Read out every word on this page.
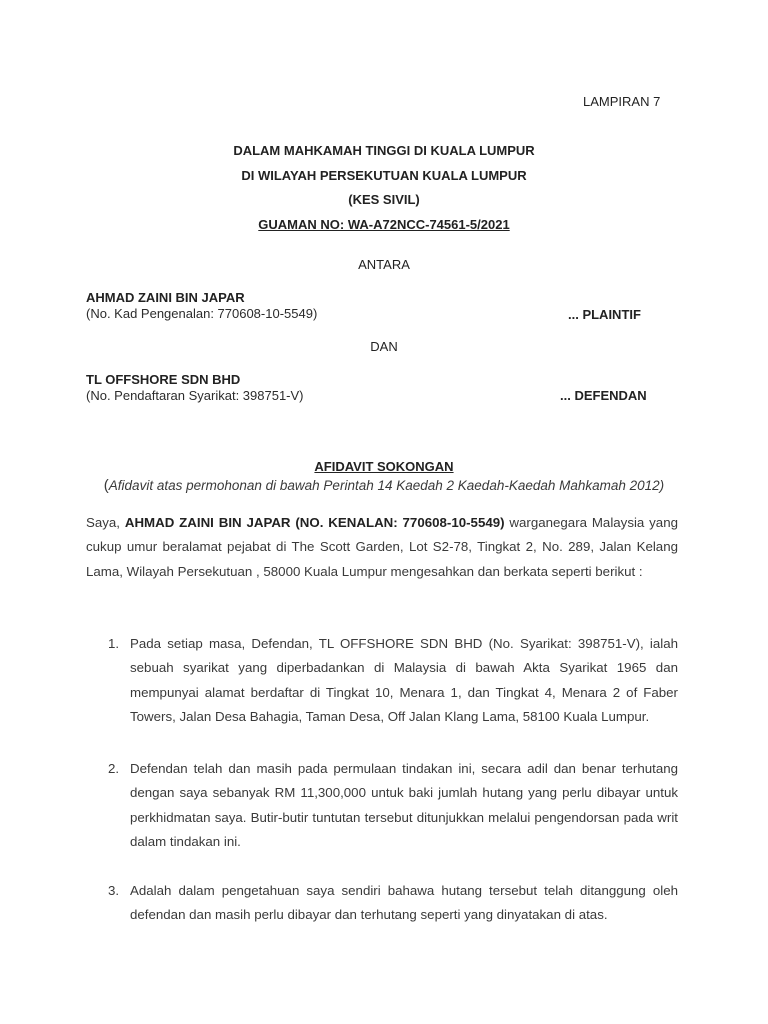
LAMPIRAN 7
DALAM MAHKAMAH TINGGI DI KUALA LUMPUR
DI WILAYAH PERSEKUTUAN KUALA LUMPUR
(KES SIVIL)
GUAMAN NO: WA-A72NCC-74561-5/2021
ANTARA
AHMAD ZAINI BIN JAPAR
(No. Kad Pengenalan: 770608-10-5549)	... PLAINTIF
DAN
TL OFFSHORE SDN BHD
(No. Pendaftaran Syarikat: 398751-V)	... DEFENDAN
AFIDAVIT SOKONGAN
(Afidavit atas permohonan di bawah Perintah 14 Kaedah 2 Kaedah-Kaedah Mahkamah 2012)
Saya, AHMAD ZAINI BIN JAPAR (NO. KENALAN: 770608-10-5549) warganegara Malaysia yang cukup umur beralamat pejabat di The Scott Garden, Lot S2-78, Tingkat 2, No. 289, Jalan Kelang Lama, Wilayah Persekutuan , 58000 Kuala Lumpur mengesahkan dan berkata seperti berikut :
1. Pada setiap masa, Defendan, TL OFFSHORE SDN BHD (No. Syarikat: 398751-V), ialah sebuah syarikat yang diperbadankan di Malaysia di bawah Akta Syarikat 1965 dan mempunyai alamat berdaftar di Tingkat 10, Menara 1, dan Tingkat 4, Menara 2 of Faber Towers, Jalan Desa Bahagia, Taman Desa, Off Jalan Klang Lama, 58100 Kuala Lumpur.
2. Defendan telah dan masih pada permulaan tindakan ini, secara adil dan benar terhutang dengan saya sebanyak RM 11,300,000 untuk baki jumlah hutang yang perlu dibayar untuk perkhidmatan saya. Butir-butir tuntutan tersebut ditunjukkan melalui pengendorsan pada writ dalam tindakan ini.
3. Adalah dalam pengetahuan saya sendiri bahawa hutang tersebut telah ditanggung oleh defendan dan masih perlu dibayar dan terhutang seperti yang dinyatakan di atas.
